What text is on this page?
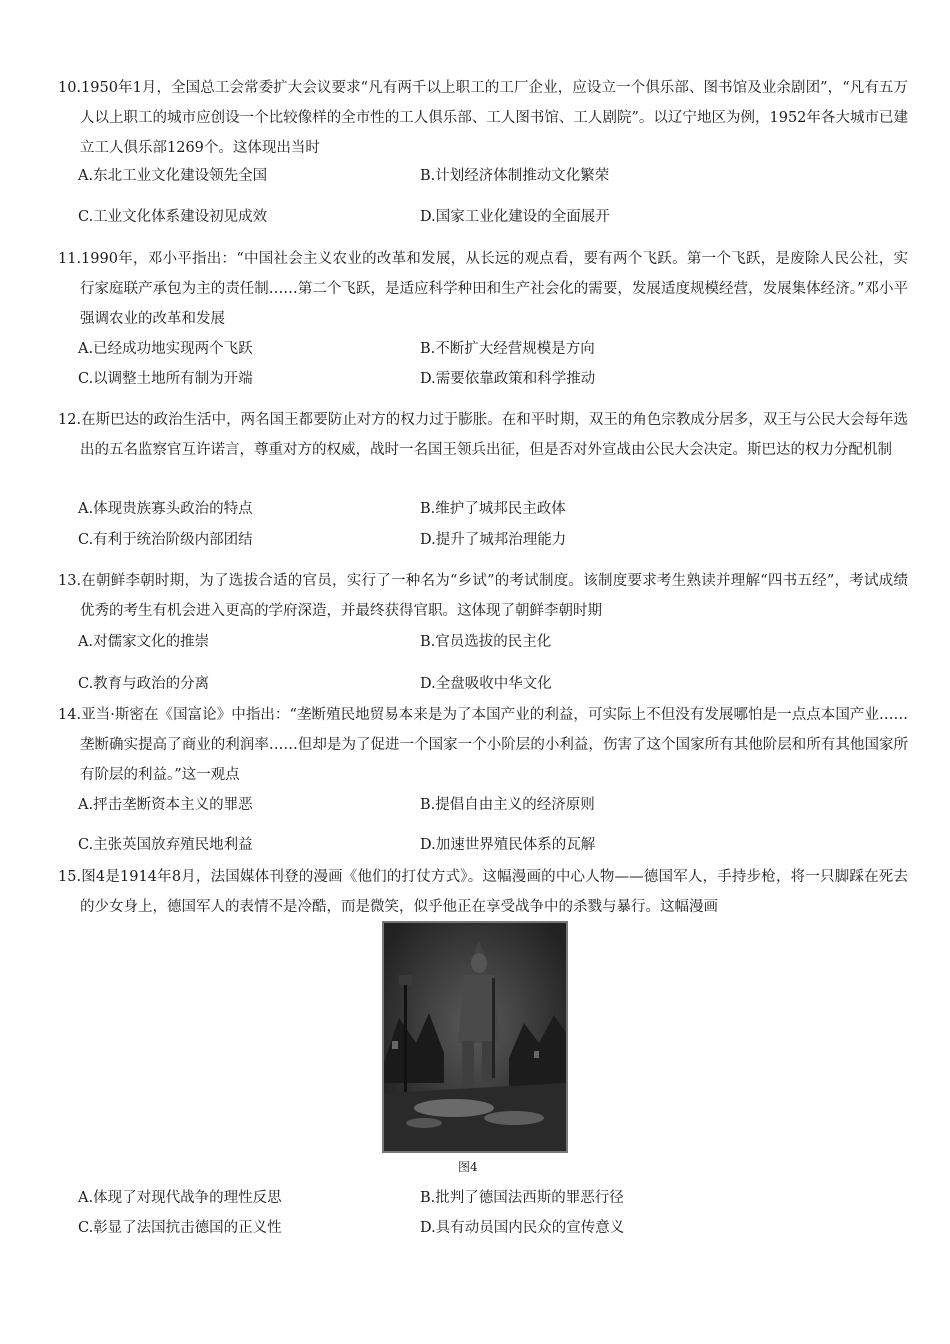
10.1950年1月，全国总工会常委扩大会议要求“凡有两千以上职工的工厂企业，应设立一个俱乐部、图书馆及业余剧团”，“凡有五万人以上职工的城市应创设一个比较像样的全市性的工人俱乐部、工人图书馆、工人剧院”。以辽宁地区为例，1952年各大城市已建立工人俱乐部1269个。这体现出当时

A.东北工业文化建设领先全国	B.计划经济体制推动文化繁荣
C.工业文化体系建设初见成效	D.国家工业化建设的全面展开

11.1990年，邓小平指出：“中国社会主义农业的改革和发展，从长远的观点看，要有两个飞跃。第一个飞跃，是废除人民公社，实行家庭联产承包为主的责任制……第二个飞跃，是适应科学种田和生产社会化的需要，发展适度规模经营，发展集体经济。”邓小平强调农业的改革和发展

A.已经成功地实现两个飞跃	B.不断扩大经营规模是方向
C.以调整土地所有制为开端	D.需要依靠政策和科学推动

12.在斯巴达的政治生活中，两名国王都要防止对方的权力过于膨胀。在和平时期，双王的角色宗教成分居多，双王与公民大会每年选出的五名监察官互许诺言，尊重对方的权威，战时一名国王领兵出征，但是否对外宣战由公民大会决定。斯巴达的权力分配机制

A.体现贵族寡头政治的特点	B.维护了城邦民主政体
C.有利于统治阶级内部团结	D.提升了城邦治理能力

13.在朝鲜李朝时期，为了选拔合适的官员，实行了一种名为“乡试”的考试制度。该制度要求考生熟读并理解“四书五经”，考试成绩优秀的考生有机会进入更高的学府深造，并最终获得官职。这体现了朝鲜李朝时期

A.对儒家文化的推崇	B.官员选拔的民主化
C.教育与政治的分离	D.全盘吸收中华文化

14.亚当·斯密在《国富论》中指出：“垄断殖民地贸易本来是为了本国产业的利益，可实际上不但没有发展哪怕是一点点本国产业……垄断确实提高了商业的利润率……但却是为了促进一个国家一个小阶层的小利益，伤害了这个国家所有其他阶层和所有其他国家所有阶层的利益。”这一观点

A.抨击垄断资本主义的罪恶	B.提倡自由主义的经济原则
C.主张英国放弃殖民地利益	D.加速世界殖民体系的瓦解

15.图4是1914年8月，法国媒体刊登的漫画《他们的打仗方式》。这幅漫画的中心人物——德国军人，手持步枪，将一只脚踩在死去的少女身上，德国军人的表情不是冷酷，而是微笑，似乎他正在享受战争中的杀戮与暴行。这幅漫画

图4
A.体现了对现代战争的理性反思	B.批判了德国法西斯的罪恶行径
C.彰显了法国抗击德国的正义性	D.具有动员国内民众的宣传意义
